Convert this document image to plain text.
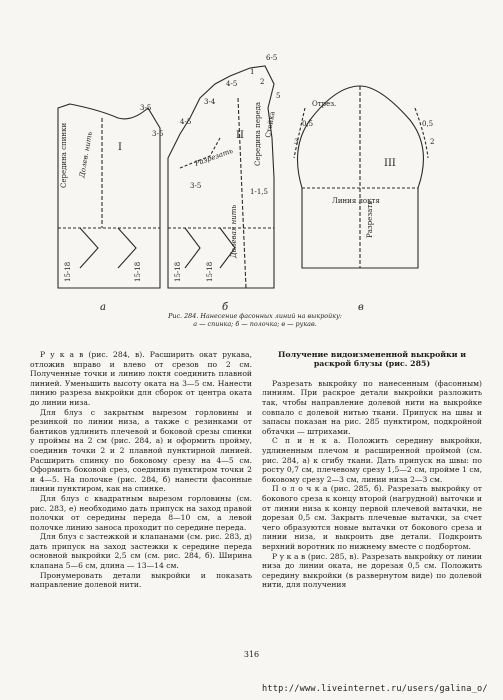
Середина спинки Долев. нить I	Разрезать	Середина переда
Долевая нить
Стойка
II
Отрез.
Линия локтя
Разрезать
III
а	б	в
3-5
3-5
4-5
3-4
4-5
1
2
6-5
5
15-18	15-18	15-18	15-18
0,5	0,5
3	2
3-5
1-1,5
Рис. 284. Нанесение фасонных линий на выкройку:
а — спинка; б — полочка; в — рукав.

Р у к а в (рис. 284, в). Расширить окат рукава, отложив вправо и влево от срезов по 2 см. Полученные точки и линию локтя соединить плавной линией. Уменьшить высоту оката на 3—5 см. Нанести линию разреза выкройки для сборок от центра оката до линии низа.

Для блуз с закрытым вырезом горловины и резинкой по линии низа, а также с резинками от бантиков удлинить плечевой и боковой срезы спинки у проймы на 2 см (рис. 284, а) и оформить пройму, соединив точки 2 и 2 плавной пунктирной линией. Расширить спинку по боковому срезу на 4—5 см. Оформить боковой срез, соединив пунктиром точки 2 и 4—5. На полочке (рис. 284, б) нанести фасонные линии пунктиром, как на спинке.

Для блуз с квадратным вырезом горловины (см. рис. 283, е) необходимо дать припуск на заход правой полочки от середины переда 8—10 см, а левой полочке линию заноса проходит по середине переда.

Для блуз с застежкой и клапанами (см. рис. 283, д) дать припуск на заход застежки к середине переда основной выкройки 2,5 см (см. рис. 284, б). Ширина клапана 5—6 см, длина — 13—14 см.

Пронумеровать детали выкройки и показать направление долевой нити.

Получение видоизмененной выкройки и раскрой блузы (рис. 285)

Разрезать выкройку по нанесенным (фасонным) линиям. При раскрое детали выкройки разложить так, чтобы направление долевой нити на выкройке совпало с долевой нитью ткани. Припуск на швы и запасы показан на рис. 285 пунктиром, подкройной обтачки — штрихами.

С п и н к а. Положить середину выкройки, удлиненным плечом и расширенной проймой (см. рис. 284, а) к сгибу ткани. Дать припуск на швы: по росту 0,7 см, плечевому срезу 1,5—2 см, пройме 1 см, боковому срезу 2—3 см, линии низа 2—3 см.

П о л о ч к а (рис. 285, б). Разрезать выкройку от бокового среза к концу второй (нагрудной) выточки и от линии низа к концу первой плечевой вытачки, не дорезая 0,5 см. Закрыть плечевые вытачки, за счет чего образуются новые вытачки от бокового среза и линии низа, и выкроить две детали. Подкроить верхний воротник по нижнему вместе с подбортом.

Р у к а в (рис. 285, в). Разрезать выкройку от линии низа до линии оката, не дорезая 0,5 см. Положить середину выкройки (в развернутом виде) по долевой нити, для получения

316
http://www.liveinternet.ru/users/galina_o/
